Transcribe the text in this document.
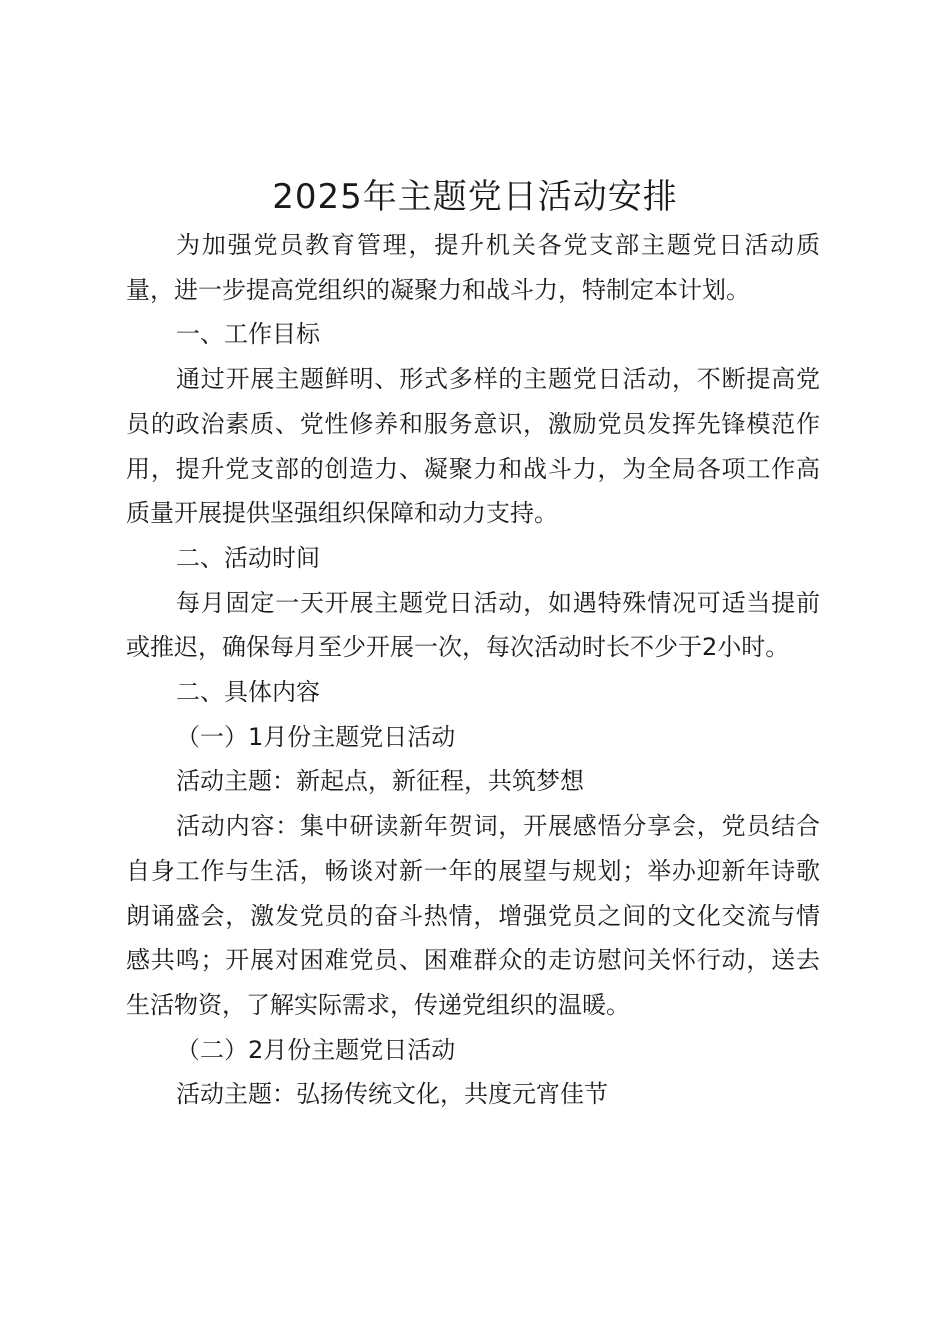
2025年主题党日活动安排

为加强党员教育管理，提升机关各党支部主题党日活动质量，进一步提高党组织的凝聚力和战斗力，特制定本计划。

一、工作目标

通过开展主题鲜明、形式多样的主题党日活动，不断提高党员的政治素质、党性修养和服务意识，激励党员发挥先锋模范作用，提升党支部的创造力、凝聚力和战斗力，为全局各项工作高质量开展提供坚强组织保障和动力支持。

二、活动时间

每月固定一天开展主题党日活动，如遇特殊情况可适当提前或推迟，确保每月至少开展一次，每次活动时长不少于2小时。

二、具体内容

（一）1月份主题党日活动

活动主题：新起点，新征程，共筑梦想

活动内容：集中研读新年贺词，开展感悟分享会，党员结合自身工作与生活，畅谈对新一年的展望与规划；举办迎新年诗歌朗诵盛会，激发党员的奋斗热情，增强党员之间的文化交流与情感共鸣；开展对困难党员、困难群众的走访慰问关怀行动，送去生活物资，了解实际需求，传递党组织的温暖。

（二）2月份主题党日活动

活动主题：弘扬传统文化，共度元宵佳节
